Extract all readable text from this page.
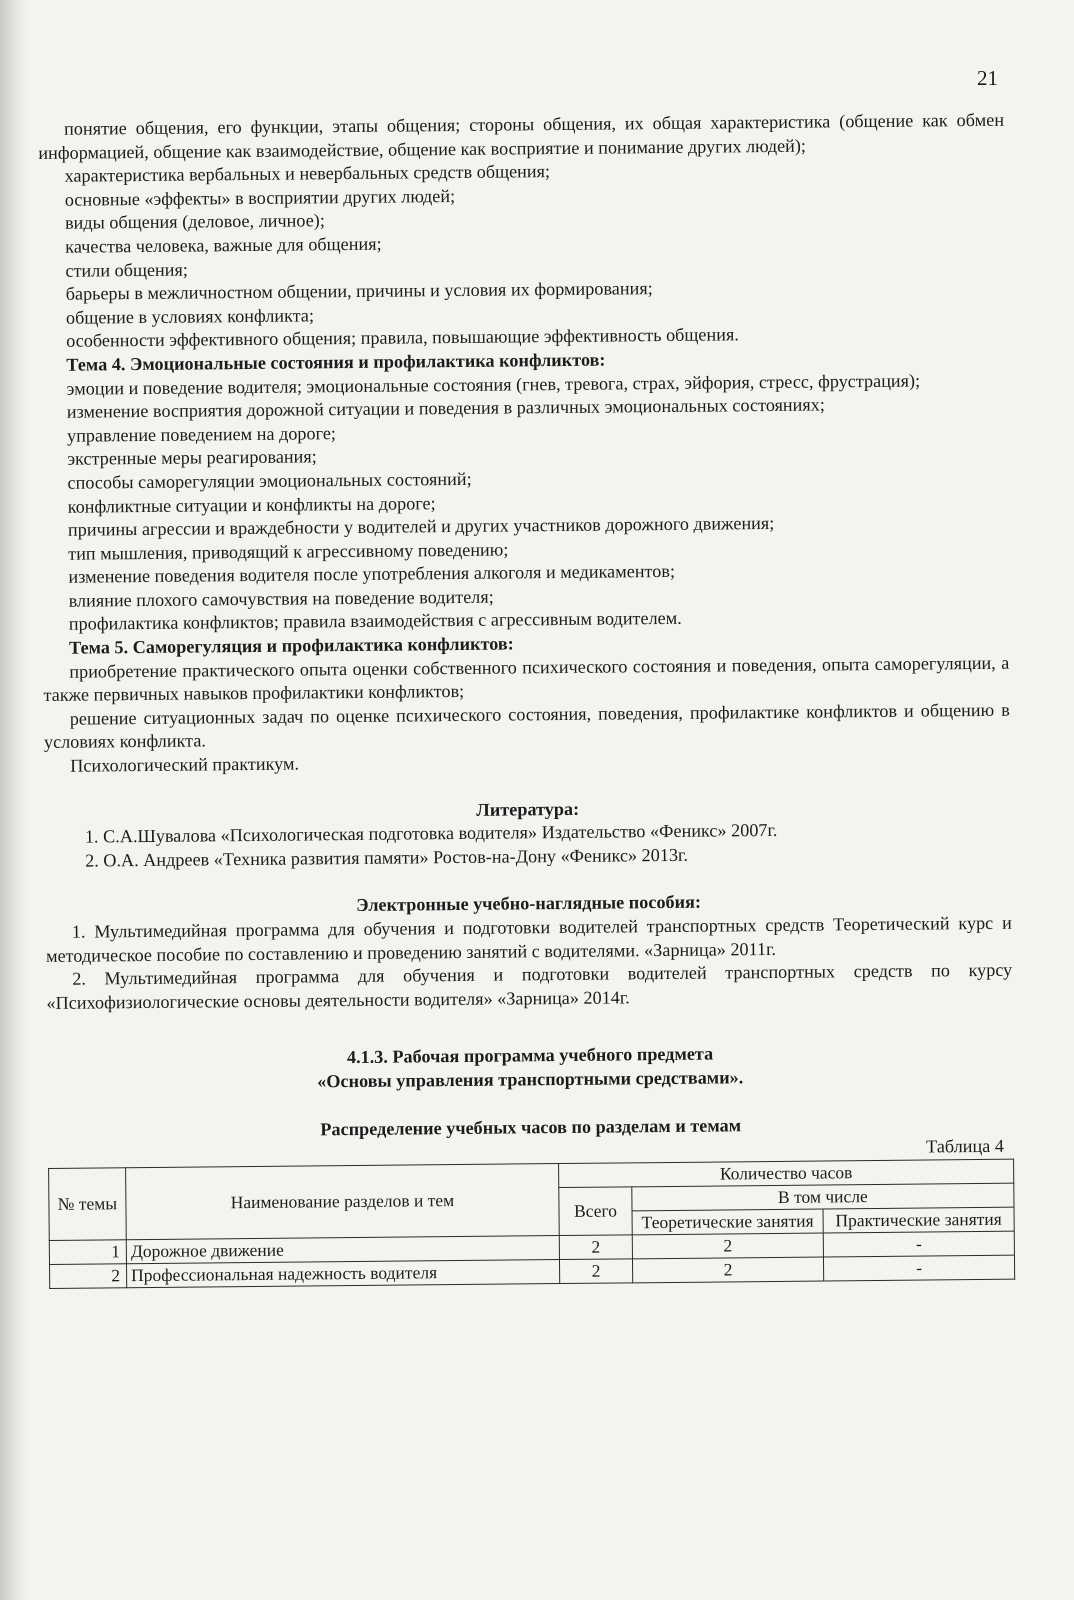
21

понятие общения, его функции, этапы общения; стороны общения, их общая характеристика (общение как обмен информацией, общение как взаимодействие, общение как восприятие и понимание других людей);

характеристика вербальных и невербальных средств общения;

основные «эффекты» в восприятии других людей;

виды общения (деловое, личное);

качества человека, важные для общения;

стили общения;

барьеры в межличностном общении, причины и условия их формирования;

общение в условиях конфликта;

особенности эффективного общения; правила, повышающие эффективность общения.

Тема 4. Эмоциональные состояния и профилактика конфликтов:

эмоции и поведение водителя; эмоциональные состояния (гнев, тревога, страх, эйфория, стресс, фрустрация);

изменение восприятия дорожной ситуации и поведения в различных эмоциональных состояниях;

управление поведением на дороге;

экстренные меры реагирования;

способы саморегуляции эмоциональных состояний;

конфликтные ситуации и конфликты на дороге;

причины агрессии и враждебности у водителей и других участников дорожного движения;

тип мышления, приводящий к агрессивному поведению;

изменение поведения водителя после употребления алкоголя и медикаментов;

влияние плохого самочувствия на поведение водителя;

профилактика конфликтов; правила взаимодействия с агрессивным водителем.

Тема 5. Саморегуляция и профилактика конфликтов:

приобретение практического опыта оценки собственного психического состояния и поведения, опыта саморегуляции, а также первичных навыков профилактики конфликтов;

решение ситуационных задач по оценке психического состояния, поведения, профилактике конфликтов и общению в условиях конфликта.

Психологический практикум.

Литература:

1. С.А.Шувалова «Психологическая подготовка водителя» Издательство «Феникс» 2007г.

2. О.А. Андреев «Техника развития памяти» Ростов-на-Дону «Феникс» 2013г.

Электронные учебно-наглядные пособия:

1. Мультимедийная программа для обучения и подготовки водителей транспортных средств Теоретический курс и методическое пособие по составлению и проведению занятий с водителями. «Зарница» 2011г.

2. Мультимедийная программа для обучения и подготовки водителей транспортных средств по курсу «Психофизиологические основы деятельности водителя» «Зарница» 2014г.

4.1.3. Рабочая программа учебного предмета

«Основы управления транспортными средствами».

Распределение учебных часов по разделам и темам

Таблица 4

№ темы	Наименование разделов и тем	Количество часов		
		Всего	В том числе	
			Теоретические занятия	Практические занятия
1	Дорожное движение	2	2	-
2	Профессиональная надежность водителя	2	2	-
